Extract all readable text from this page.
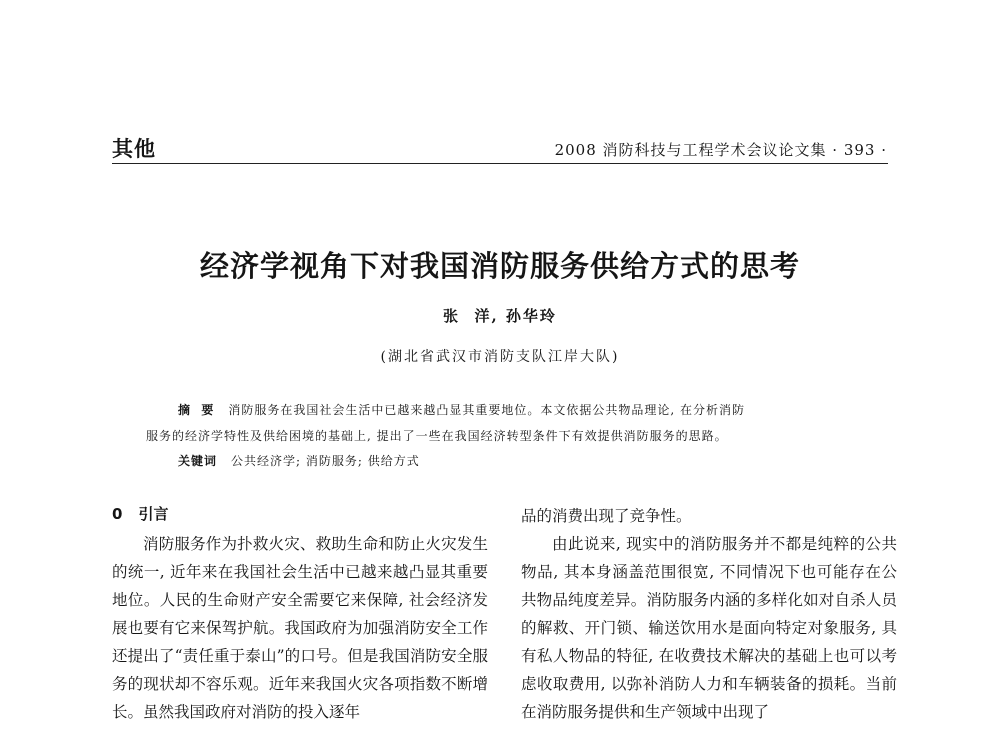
其他	2008 消防科技与工程学术会议论文集 · 393 ·
经济学视角下对我国消防服务供给方式的思考
张  洋, 孙华玲
(湖北省武汉市消防支队江岸大队)
摘  要 消防服务在我国社会生活中已越来越凸显其重要地位。本文依据公共物品理论, 在分析消防
服务的经济学特性及供给困境的基础上, 提出了一些在我国经济转型条件下有效提供消防服务的思路。
关键词 公共经济学; 消防服务; 供给方式
0 引言

消防服务作为扑救火灾、救助生命和防止火灾发生的统一, 近年来在我国社会生活中已越来越凸显其重要地位。人民的生命财产安全需要它来保障, 社会经济发展也要有它来保驾护航。我国政府为加强消防安全工作还提出了“责任重于泰山”的口号。但是我国消防安全服务的现状却不容乐观。近年来我国火灾各项指数不断增长。虽然我国政府对消防的投入逐年

品的消费出现了竞争性。

由此说来, 现实中的消防服务并不都是纯粹的公共物品, 其本身涵盖范围很宽, 不同情况下也可能存在公共物品纯度差异。消防服务内涵的多样化如对自杀人员的解救、开门锁、输送饮用水是面向特定对象服务, 具有私人物品的特征, 在收费技术解决的基础上也可以考虑收取费用, 以弥补消防人力和车辆装备的损耗。当前在消防服务提供和生产领域中出现了
